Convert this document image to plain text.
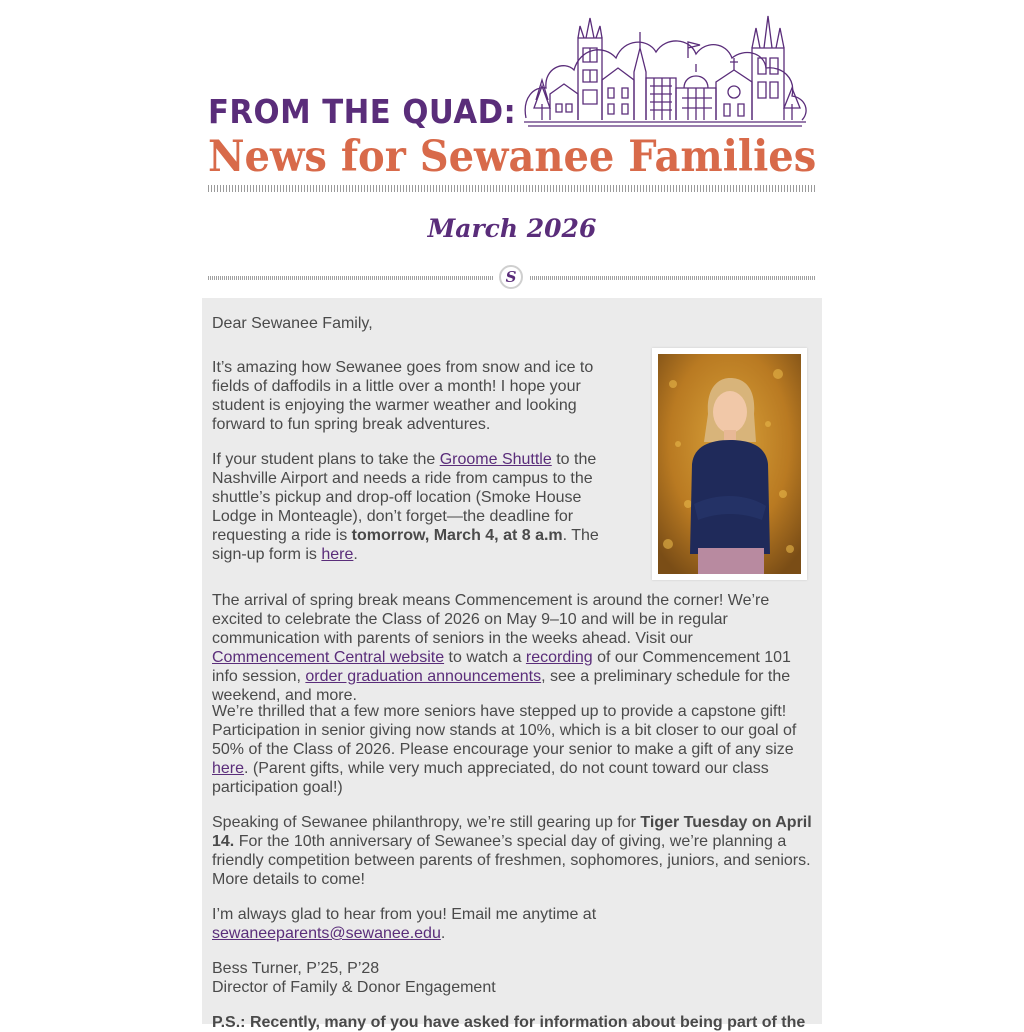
FROM THE QUAD:
News for Sewanee Families
March 2026
S

Dear Sewanee Family,

It’s amazing how Sewanee goes from snow and ice to fields of daffodils in a little over a month! I hope your student is enjoying the warmer weather and looking forward to fun spring break adventures.

If your student plans to take the Groome Shuttle to the Nashville Airport and needs a ride from campus to the shuttle’s pickup and drop-off location (Smoke House Lodge in Monteagle), don’t forget—the deadline for requesting a ride is tomorrow, March 4, at 8 a.m. The sign-up form is here.

The arrival of spring break means Commencement is around the corner! We’re excited to celebrate the Class of 2026 on May 9–10 and will be in regular communication with parents of seniors in the weeks ahead. Visit our Commencement Central website to watch a recording of our Commencement 101 info session, order graduation announcements, see a preliminary schedule for the weekend, and more.

We’re thrilled that a few more seniors have stepped up to provide a capstone gift! Participation in senior giving now stands at 10%, which is a bit closer to our goal of 50% of the Class of 2026. Please encourage your senior to make a gift of any size here. (Parent gifts, while very much appreciated, do not count toward our class participation goal!)

Speaking of Sewanee philanthropy, we’re still gearing up for Tiger Tuesday on April 14. For the 10th anniversary of Sewanee’s special day of giving, we’re planning a friendly competition between parents of freshmen, sophomores, juniors, and seniors. More details to come!

I’m always glad to hear from you! Email me anytime at sewaneeparents@sewanee.edu.

Bess Turner, P’25, P’28
Director of Family & Donor Engagement

P.S.: Recently, many of you have asked for information about being part of the
